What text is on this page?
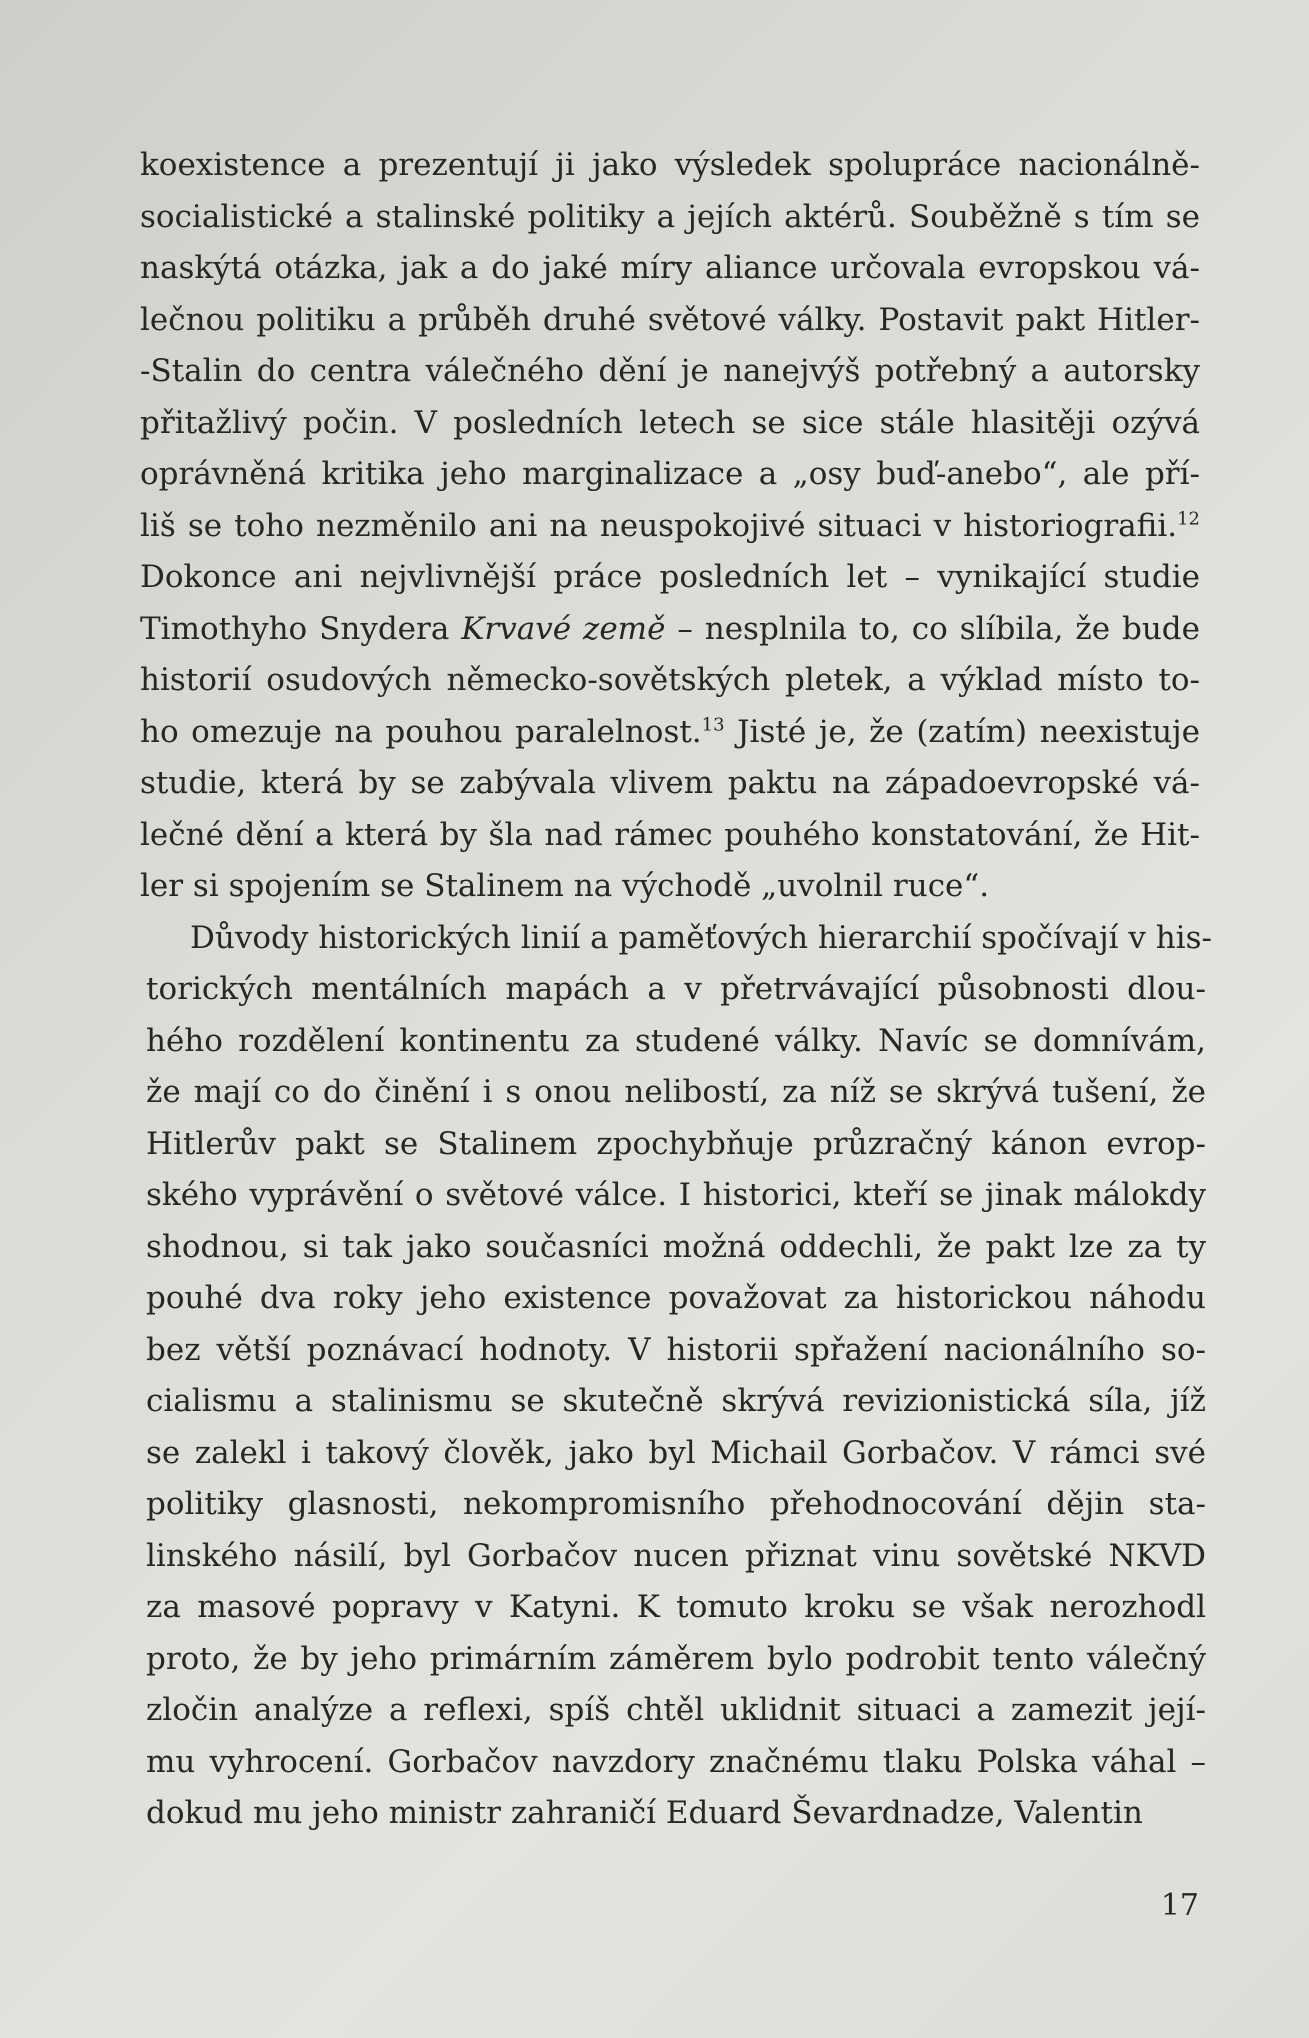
koexistence a prezentují ji jako výsledek spolupráce nacionálně-
socialistické a stalinské politiky a jejích aktérů. Souběžně s tím se
naskýtá otázka, jak a do jaké míry aliance určovala evropskou vá-
lečnou politiku a průběh druhé světové války. Postavit pakt Hitler-
-Stalin do centra válečného dění je nanejvýš potřebný a autorsky
přitažlivý počin. V posledních letech se sice stále hlasitěji ozývá
oprávněná kritika jeho marginalizace a „osy buď-anebo“, ale pří-
liš se toho nezměnilo ani na neuspokojivé situaci v historiografii.$^{12}$
Dokonce ani nejvlivnější práce posledních let – vynikající studie
Timothyho Snydera Krvavé země – nesplnila to, co slíbila, že bude
historií osudových německo-sovětských pletek, a výklad místo to-
ho omezuje na pouhou paralelnost.$^{13}$ Jisté je, že (zatím) neexistuje
studie, která by se zabývala vlivem paktu na západoevropské vá-
lečné dění a která by šla nad rámec pouhého konstatování, že Hit-
ler si spojením se Stalinem na východě „uvolnil ruce“.

Důvody historických linií a paměťových hierarchií spočívají v his-
torických mentálních mapách a v přetrvávající působnosti dlou-
hého rozdělení kontinentu za studené války. Navíc se domnívám,
že mají co do činění i s onou nelibostí, za níž se skrývá tušení, že
Hitlerův pakt se Stalinem zpochybňuje průzračný kánon evrop-
ského vyprávění o světové válce. I historici, kteří se jinak málokdy
shodnou, si tak jako současníci možná oddechli, že pakt lze za ty
pouhé dva roky jeho existence považovat za historickou náhodu
bez větší poznávací hodnoty. V historii spřažení nacionálního so-
cialismu a stalinismu se skutečně skrývá revizionistická síla, jíž
se zalekl i takový člověk, jako byl Michail Gorbačov. V rámci své
politiky glasnosti, nekompromisního přehodnocování dějin sta-
linského násilí, byl Gorbačov nucen přiznat vinu sovětské NKVD
za masové popravy v Katyni. K tomuto kroku se však nerozhodl
proto, že by jeho primárním záměrem bylo podrobit tento válečný
zločin analýze a reflexi, spíš chtěl uklidnit situaci a zamezit její-
mu vyhrocení. Gorbačov navzdory značnému tlaku Polska váhal –
dokud mu jeho ministr zahraničí Eduard Ševardnadze, Valentin

17
